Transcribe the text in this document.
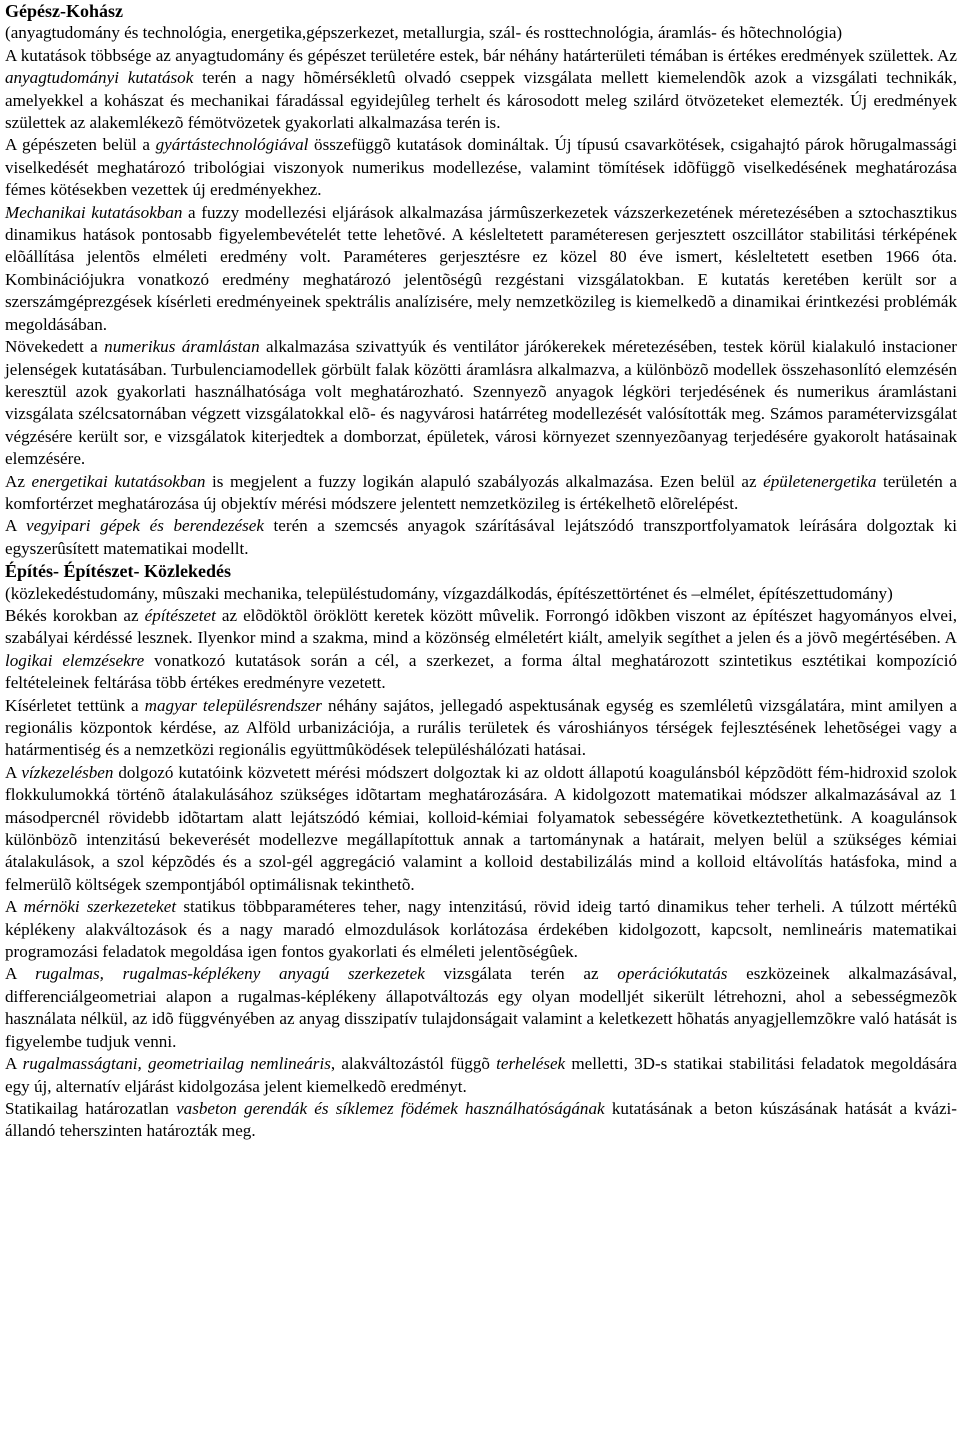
Gépész-Kohász

(anyagtudomány és technológia, energetika,gépszerkezet, metallurgia, szál- és rosttechnológia, áramlás- és hõtechnológia)

A kutatások többsége az anyagtudomány és gépészet területére estek, bár néhány határterületi témában is értékes eredmények születtek. Az anyagtudományi kutatások terén a nagy hõmérsékletû olvadó cseppek vizsgálata mellett kiemelendõk azok a vizsgálati technikák, amelyekkel a kohászat és mechanikai fáradással egyidejûleg terhelt és károsodott meleg szilárd ötvözeteket elemezték. Új eredmények születtek az alakemlékezõ fémötvözetek gyakorlati alkalmazása terén is.

A gépészeten belül a gyártástechnológiával összefüggõ kutatások domináltak. Új típusú csavarkötések, csigahajtó párok hõrugalmassági viselkedését meghatározó tribológiai viszonyok numerikus modellezése, valamint tömítések idõfüggõ viselkedésének meghatározása fémes kötésekben vezettek új eredményekhez.

Mechanikai kutatásokban a fuzzy modellezési eljárások alkalmazása jármûszerkezetek vázszerkezetének méretezésében a sztochasztikus dinamikus hatások pontosabb figyelembevételét tette lehetõvé. A késleltetett paraméteresen gerjesztett oszcillátor stabilitási térképének elõállítása jelentõs elméleti eredmény volt. Paraméteres gerjesztésre ez közel 80 éve ismert, késleltetett esetben 1966 óta. Kombinációjukra vonatkozó eredmény meghatározó jelentõségû rezgéstani vizsgálatokban. E kutatás keretében került sor a szerszámgéprezgések kísérleti eredményeinek spektrális analízisére, mely nemzetközileg is kiemelkedõ a dinamikai érintkezési problémák megoldásában.

Növekedett a numerikus áramlástan alkalmazása szivattyúk és ventilátor járókerekek méretezésében, testek körül kialakuló instacioner jelenségek kutatásában. Turbulenciamodellek görbült falak közötti áramlásra alkalmazva, a különbözõ modellek összehasonlító elemzésén keresztül azok gyakorlati használhatósága volt meghatározható. Szennyezõ anyagok légköri terjedésének és numerikus áramlástani vizsgálata szélcsatornában végzett vizsgálatokkal elõ- és nagyvárosi határréteg modellezését valósították meg. Számos paramétervizsgálat végzésére került sor, e vizsgálatok kiterjedtek a domborzat, épületek, városi környezet szennyezõanyag terjedésére gyakorolt hatásainak elemzésére.

Az energetikai kutatásokban is megjelent a fuzzy logikán alapuló szabályozás alkalmazása. Ezen belül az épületenergetika területén a komfortérzet meghatározása új objektív mérési módszere jelentett nemzetközileg is értékelhetõ elõrelépést.

A vegyipari gépek és berendezések terén a szemcsés anyagok szárításával lejátszódó transzportfolyamatok leírására dolgoztak ki egyszerûsített matematikai modellt.

Építés- Építészet- Közlekedés

(közlekedéstudomány, mûszaki mechanika, településtudomány, vízgazdálkodás, építészettörténet és –elmélet, építészettudomány)

Békés korokban az építészetet az elõdöktõl öröklött keretek között mûvelik. Forrongó idõkben viszont az építészet hagyományos elvei, szabályai kérdéssé lesznek. Ilyenkor mind a szakma, mind a közönség elméletért kiált, amelyik segíthet a jelen és a jövõ megértésében. A logikai elemzésekre vonatkozó kutatások során a cél, a szerkezet, a forma által meghatározott szintetikus esztétikai kompozíció feltételeinek feltárása több értékes eredményre vezetett.

Kísérletet tettünk a magyar településrendszer néhány sajátos, jellegadó aspektusának egység es szemléletû vizsgálatára, mint amilyen a regionális központok kérdése, az Alföld urbanizációja, a rurális területek és városhiányos térségek fejlesztésének lehetõségei vagy a határmentiség és a nemzetközi regionális együttmûködések településhálózati hatásai.

A vízkezelésben dolgozó kutatóink közvetett mérési módszert dolgoztak ki az oldott állapotú koagulánsból képzõdött fém-hidroxid szolok flokkulumokká történõ átalakulásához szükséges idõtartam meghatározására. A kidolgozott matematikai módszer alkalmazásával az 1 másodpercnél rövidebb idõtartam alatt lejátszódó kémiai, kolloid-kémiai folyamatok sebességére következtethetünk. A koagulánsok különbözõ intenzitású bekeverését modellezve megállapítottuk annak a tartománynak a határait, melyen belül a szükséges kémiai átalakulások, a szol képzõdés és a szol-gél aggregáció valamint a kolloid destabilizálás mind a kolloid eltávolítás hatásfoka, mind a felmerülõ költségek szempontjából optimálisnak tekinthetõ.

A mérnöki szerkezeteket statikus többparaméteres teher, nagy intenzitású, rövid ideig tartó dinamikus teher terheli. A túlzott mértékû képlékeny alakváltozások és a nagy maradó elmozdulások korlátozása érdekében kidolgozott, kapcsolt, nemlineáris matematikai programozási feladatok megoldása igen fontos gyakorlati és elméleti jelentõségûek.

A rugalmas, rugalmas-képlékeny anyagú szerkezetek vizsgálata terén az operációkutatás eszközeinek alkalmazásával, differenciálgeometriai alapon a rugalmas-képlékeny állapotváltozás egy olyan modelljét sikerült létrehozni, ahol a sebességmezõk használata nélkül, az idõ függvényében az anyag disszipatív tulajdonságait valamint a keletkezett hõhatás anyagjellemzõkre való hatását is figyelembe tudjuk venni.

A rugalmasságtani, geometriailag nemlineáris, alakváltozástól függõ terhelések melletti, 3D-s statikai stabilitási feladatok megoldására egy új, alternatív eljárást kidolgozása jelent kiemelkedõ eredményt.

Statikailag határozatlan vasbeton gerendák és síklemez födémek használhatóságának kutatásának a beton kúszásának hatását a kvázi-állandó teherszinten határozták meg.
